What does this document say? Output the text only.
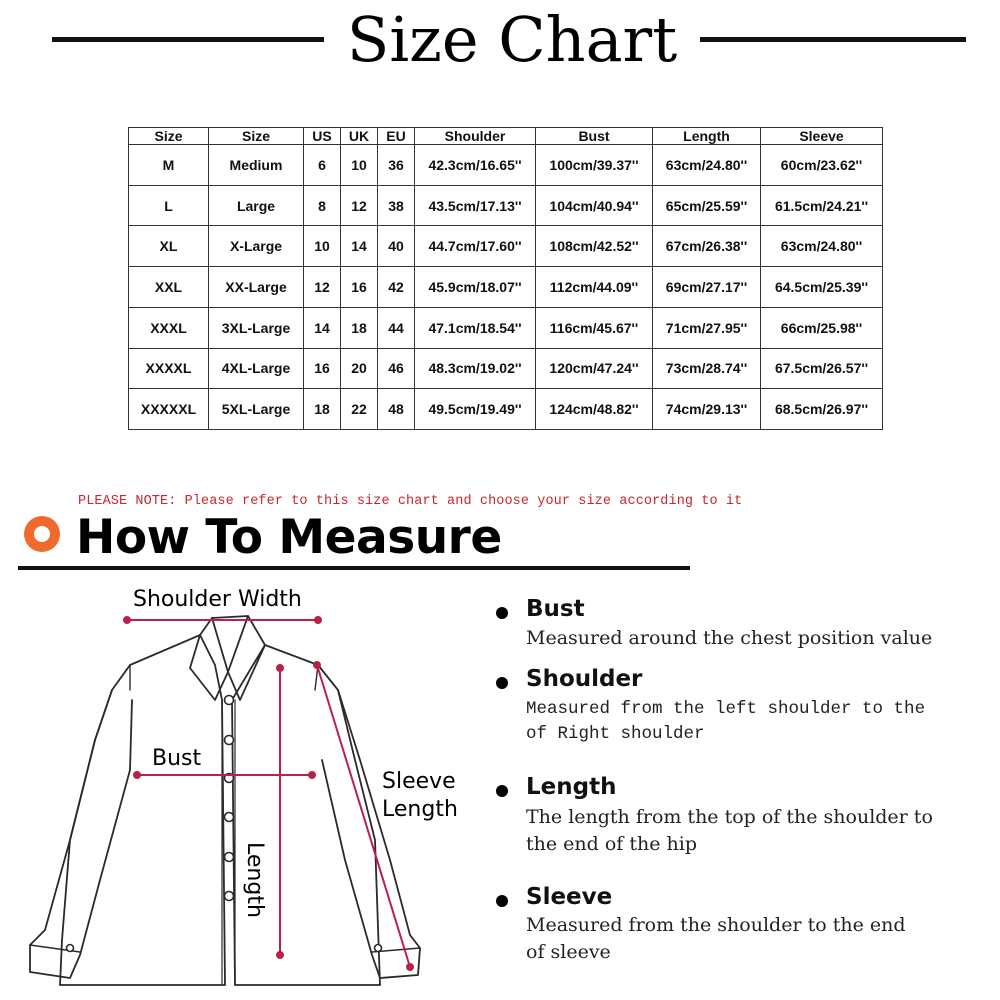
Size Chart
Size	Size	US	UK	EU	Shoulder	Bust	Length	Sleeve
M	Medium	6	10	36	42.3cm/16.65''	100cm/39.37''	63cm/24.80''	60cm/23.62''
L	Large	8	12	38	43.5cm/17.13''	104cm/40.94''	65cm/25.59''	61.5cm/24.21''
XL	X-Large	10	14	40	44.7cm/17.60''	108cm/42.52''	67cm/26.38''	63cm/24.80''
XXL	XX-Large	12	16	42	45.9cm/18.07''	112cm/44.09''	69cm/27.17''	64.5cm/25.39''
XXXL	3XL-Large	14	18	44	47.1cm/18.54''	116cm/45.67''	71cm/27.95''	66cm/25.98''
XXXXL	4XL-Large	16	20	46	48.3cm/19.02''	120cm/47.24''	73cm/28.74''	67.5cm/26.57''
XXXXXL	5XL-Large	18	22	48	49.5cm/19.49''	124cm/48.82''	74cm/29.13''	68.5cm/26.97''
PLEASE NOTE: Please refer to this size chart and choose your size according to it
How To Measure
Shoulder Width
Bust
Sleeve
Length
Length
Bust
Measured around the chest position value
Shoulder
Measured from the left shoulder to the
of Right shoulder
Length
The length from the top of the shoulder to
the end of the hip
Sleeve
Measured from the shoulder to the end
of sleeve
